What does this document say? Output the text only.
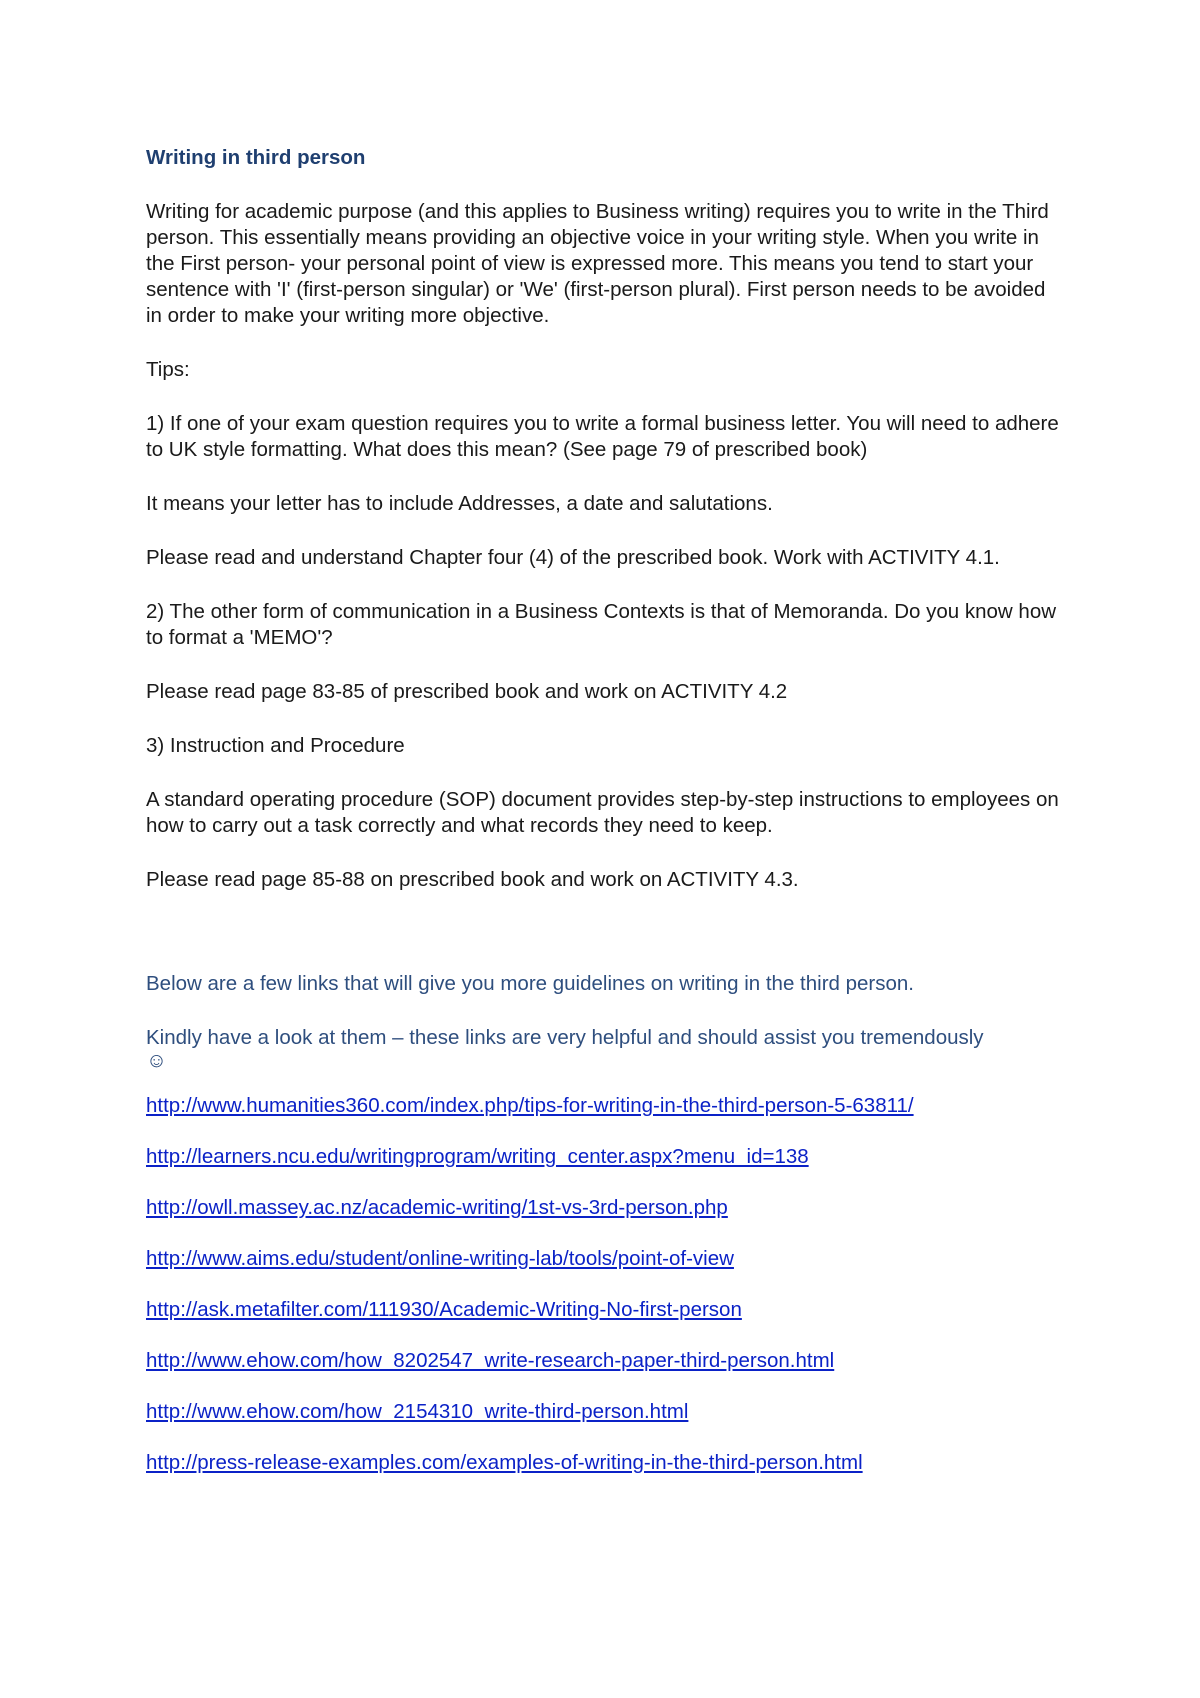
Writing in third person
Writing for academic purpose (and this applies to Business writing) requires you to write in the Third person. This essentially means providing an objective voice in your writing style. When you write in the First person- your personal point of view is expressed more. This means you tend to start your sentence with 'I' (first-person singular) or 'We' (first-person plural). First person needs to be avoided in order to make your writing more objective.
Tips:
1) If one of your exam question requires you to write a formal business letter. You will need to adhere to UK style formatting. What does this mean? (See page 79 of prescribed book)
It means your letter has to include Addresses, a date and salutations.
Please read and understand Chapter four (4) of the prescribed book. Work with ACTIVITY 4.1.
2) The other form of communication in a Business Contexts is that of Memoranda. Do you know how to format a 'MEMO'?
Please read page 83-85 of prescribed book and work on ACTIVITY 4.2
3) Instruction and Procedure
A standard operating procedure (SOP) document provides step-by-step instructions to employees on how to carry out a task correctly and what records they need to keep.
Please read page 85-88 on prescribed book and work on ACTIVITY 4.3.
Below are a few links that will give you more guidelines on writing in the third person.
Kindly have a look at them – these links are very helpful and should assist you tremendously
☺
http://www.humanities360.com/index.php/tips-for-writing-in-the-third-person-5-63811/
http://learners.ncu.edu/writingprogram/writing_center.aspx?menu_id=138
http://owll.massey.ac.nz/academic-writing/1st-vs-3rd-person.php
http://www.aims.edu/student/online-writing-lab/tools/point-of-view
http://ask.metafilter.com/111930/Academic-Writing-No-first-person
http://www.ehow.com/how_8202547_write-research-paper-third-person.html
http://www.ehow.com/how_2154310_write-third-person.html
http://press-release-examples.com/examples-of-writing-in-the-third-person.html
